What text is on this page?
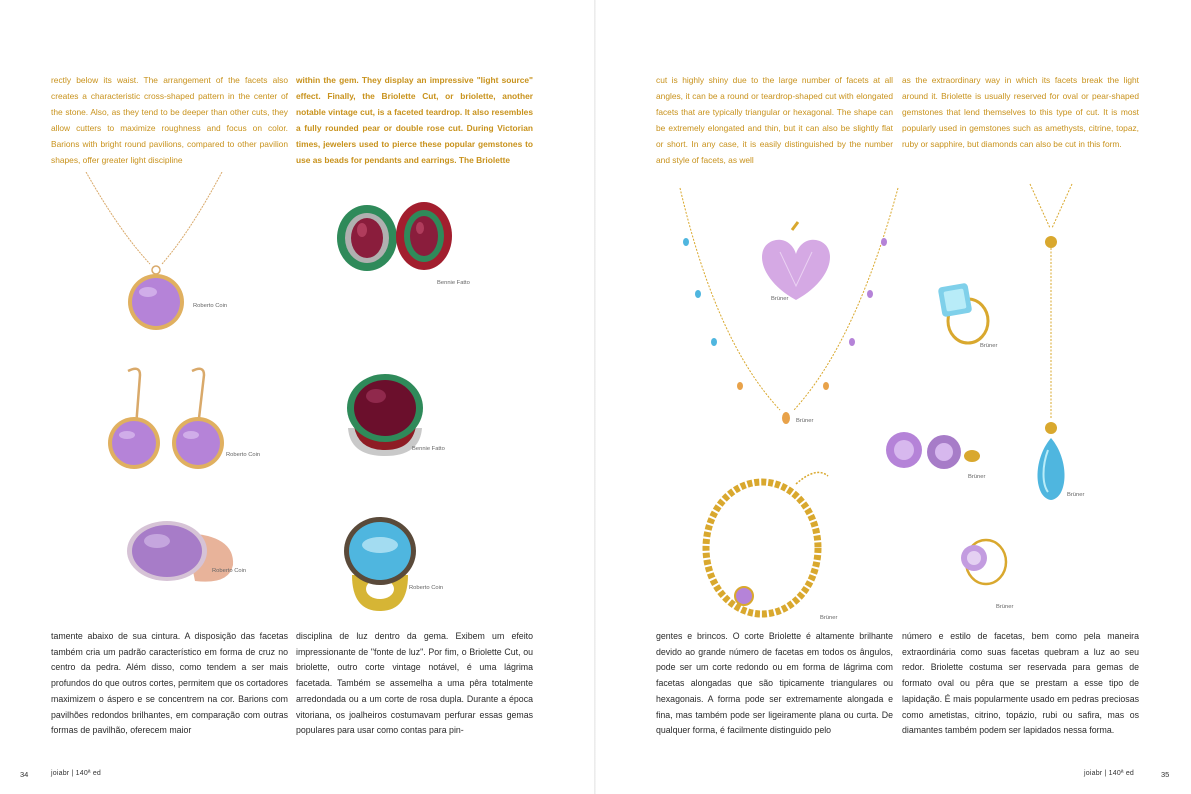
rectly below its waist. The arrangement of the facets also creates a characteristic cross-shaped pattern in the center of the stone. Also, as they tend to be deeper than other cuts, they allow cutters to maximize roughness and focus on color. Barions with bright round pavilions, compared to other pavilion shapes, offer greater light discipline
within the gem. They display an impressive "light source" effect. Finally, the Briolette Cut, or briolette, another notable vintage cut, is a faceted teardrop. It also resembles a fully rounded pear or double rose cut. During Victorian times, jewelers used to pierce these popular gemstones to use as beads for pendants and earrings. The Briolette
Roberto Coin
Bennie Fatto
Roberto Coin
Bennie Fatto
Roberto Coin
Roberto Coin
tamente abaixo de sua cintura. A disposição das facetas também cria um padrão característico em forma de cruz no centro da pedra. Além disso, como tendem a ser mais profundos do que outros cortes, permitem que os cortadores maximizem o áspero e se concentrem na cor. Barions com pavilhões redondos brilhantes, em comparação com outras formas de pavilhão, oferecem maior
disciplina de luz dentro da gema. Exibem um efeito impressionante de "fonte de luz". Por fim, o Briolette Cut, ou briolette, outro corte vintage notável, é uma lágrima facetada. Também se assemelha a uma pêra totalmente arredondada ou a um corte de rosa dupla. Durante a época vitoriana, os joalheiros costumavam perfurar essas gemas populares para usar como contas para pin-
34	joiabr | 140ª ed
cut is highly shiny due to the large number of facets at all angles, it can be a round or teardrop-shaped cut with elongated facets that are typically triangular or hexagonal. The shape can be extremely elongated and thin, but it can also be slightly flat or short. In any case, it is easily distinguished by the number and style of facets, as well
as the extraordinary way in which its facets break the light around it. Briolette is usually reserved for oval or pear-shaped gemstones that lend themselves to this type of cut. It is most popularly used in gemstones such as amethysts, citrine, topaz, ruby or sapphire, but diamonds can also be cut in this form.
Brüner
Brüner
Brüner
Brüner
Brüner
Brüner
Brüner
gentes e brincos. O corte Briolette é altamente brilhante devido ao grande número de facetas em todos os ângulos, pode ser um corte redondo ou em forma de lágrima com facetas alongadas que são tipicamente triangulares ou hexagonais. A forma pode ser extremamente alongada e fina, mas também pode ser ligeiramente plana ou curta. De qualquer forma, é facilmente distinguido pelo
número e estilo de facetas, bem como pela maneira extraordinária como suas facetas quebram a luz ao seu redor. Briolette costuma ser reservada para gemas de formato oval ou pêra que se prestam a esse tipo de lapidação. É mais popularmente usado em pedras preciosas como ametistas, citrino, topázio, rubi ou safira, mas os diamantes também podem ser lapidados nessa forma.
joiabr | 140ª ed	35
